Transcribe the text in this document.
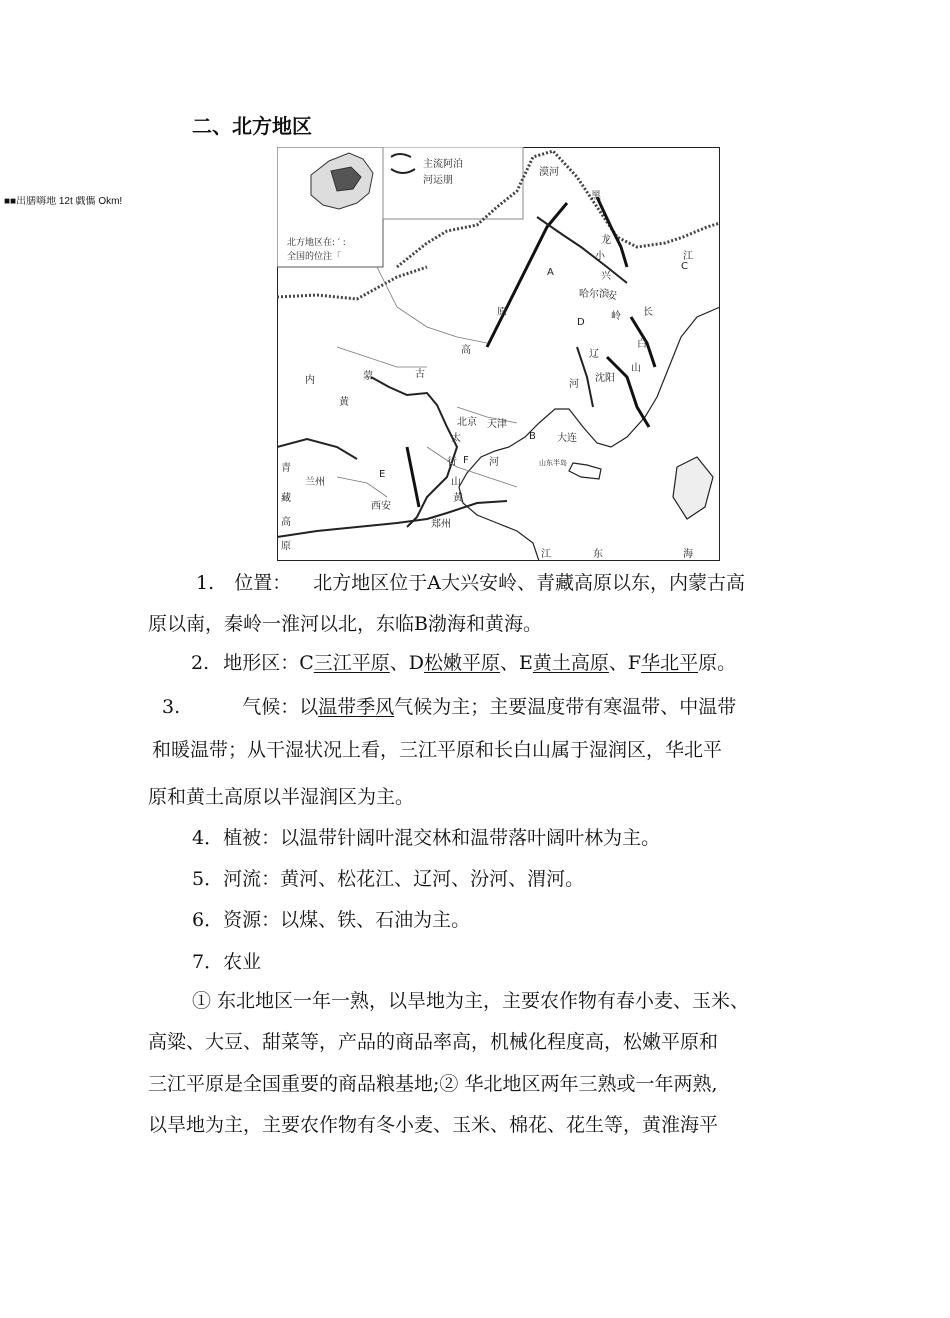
二、北方地区
■■出膳嗨地 12t 戯儶 Okm!
主流阿泊
河运朋
北方地区在: ′ :
全国的位注「
漠河
黑
龙
江
小
兴
安
岭
A
哈尔滨
C
原
D
长
白
山
高	辽
河
沈阳
内	蒙	古
黄
北京 天津
B 大连
太
行 F 河	山东半岛
E
兰州
西安
郑州
青
藏
高
原
山
黄
东	海
江
1. 位置： 北方地区位于A大兴安岭、青藏高原以东，内蒙古高
原以南，秦岭一淮河以北，东临B渤海和黄海。
2. 地形区：C三江平原、D松嫩平原、E黄土高原、F华北平原。
3.	气候：以温带季风气候为主；主要温度带有寒温带、中温带
和暖温带；从干湿状况上看，三江平原和长白山属于湿润区，华北平
原和黄土高原以半湿润区为主。
4．植被：以温带针阔叶混交林和温带落叶阔叶林为主。
5．河流：黄河、松花江、辽河、汾河、渭河。
6．资源：以煤、铁、石油为主。
7．农业
① 东北地区一年一熟，以旱地为主，主要农作物有春小麦、玉米、
高粱、大豆、甜菜等，产品的商品率高，机械化程度高，松嫩平原和
三江平原是全国重要的商品粮基地;② 华北地区两年三熟或一年两熟,
以旱地为主，主要农作物有冬小麦、玉米、棉花、花生等，黄淮海平
